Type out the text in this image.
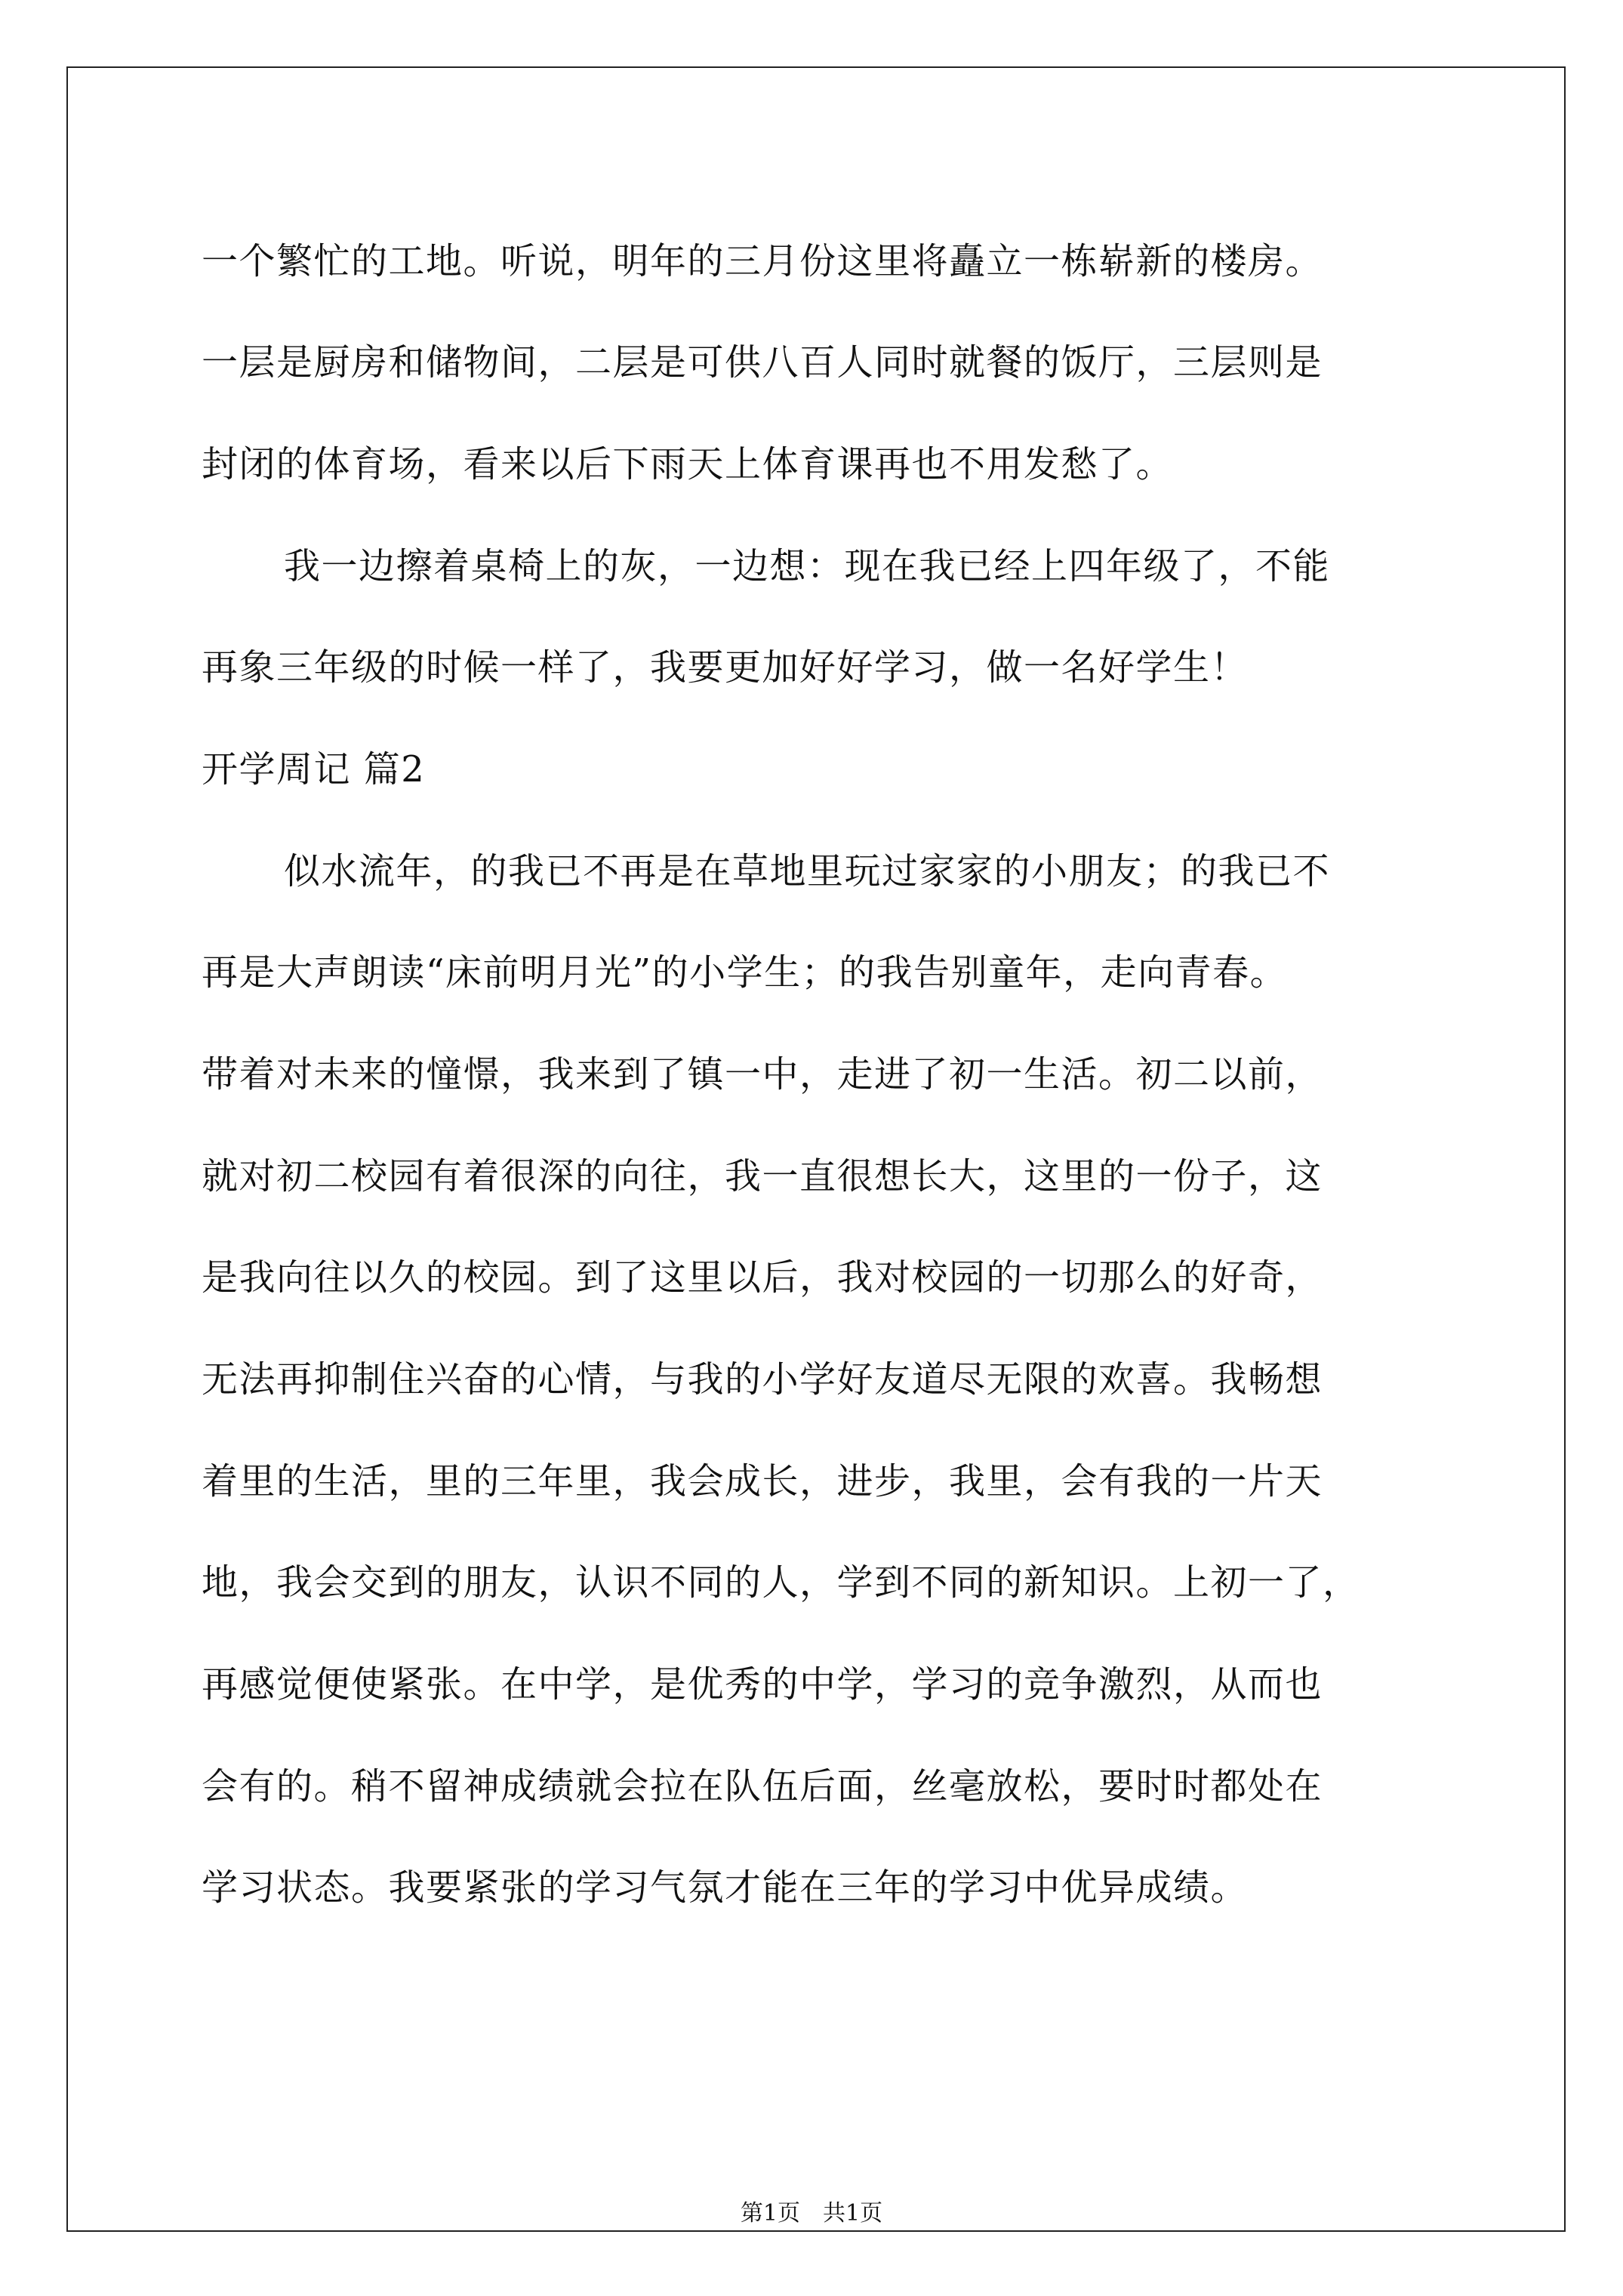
一个繁忙的工地。听说，明年的三月份这里将矗立一栋崭新的楼房。
一层是厨房和储物间，二层是可供八百人同时就餐的饭厅，三层则是
封闭的体育场，看来以后下雨天上体育课再也不用发愁了。
我一边擦着桌椅上的灰，一边想：现在我已经上四年级了，不能
再象三年级的时候一样了，我要更加好好学习，做一名好学生！
开学周记 篇2
似水流年，的我已不再是在草地里玩过家家的小朋友；的我已不
再是大声朗读“床前明月光”的小学生；的我告别童年，走向青春。
带着对未来的憧憬，我来到了镇一中，走进了初一生活。初二以前，
就对初二校园有着很深的向往，我一直很想长大，这里的一份子，这
是我向往以久的校园。到了这里以后，我对校园的一切那么的好奇，
无法再抑制住兴奋的心情，与我的小学好友道尽无限的欢喜。我畅想
着里的生活，里的三年里，我会成长，进步，我里，会有我的一片天
地，我会交到的朋友，认识不同的人，学到不同的新知识。上初一了，
再感觉便使紧张。在中学，是优秀的中学，学习的竞争激烈，从而也
会有的。稍不留神成绩就会拉在队伍后面，丝毫放松，要时时都处在
学习状态。我要紧张的学习气氛才能在三年的学习中优异成绩。
第1页　共1页
